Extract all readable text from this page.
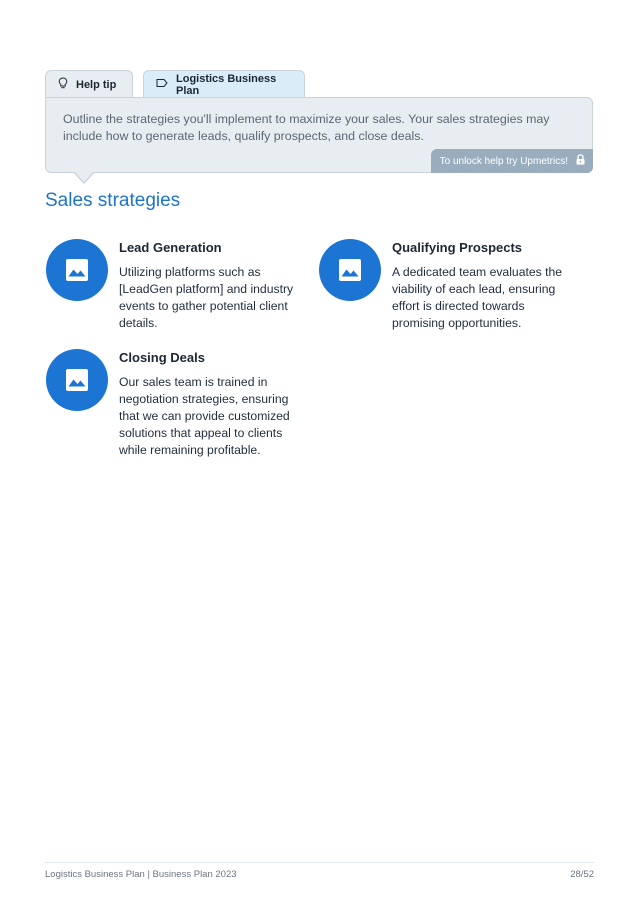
Help tip	Logistics Business Plan

Outline the strategies you'll implement to maximize your sales. Your sales strategies may include how to generate leads, qualify prospects, and close deals.

To unlock help try Upmetrics!
Sales strategies
Lead Generation
Utilizing platforms such as [LeadGen platform] and industry events to gather potential client details.
Qualifying Prospects
A dedicated team evaluates the viability of each lead, ensuring effort is directed towards promising opportunities.
Closing Deals
Our sales team is trained in negotiation strategies, ensuring that we can provide customized solutions that appeal to clients while remaining profitable.
Logistics Business Plan | Business Plan 2023	28/52
